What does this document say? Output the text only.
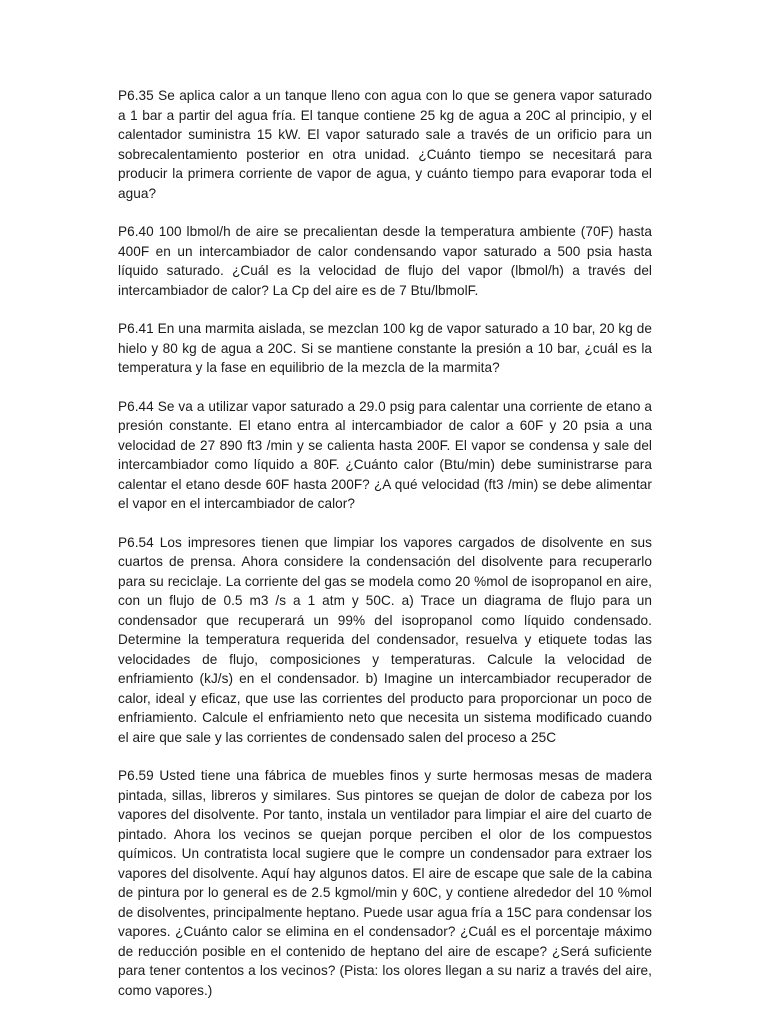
P6.35 Se aplica calor a un tanque lleno con agua con lo que se genera vapor saturado a 1 bar a partir del agua fría. El tanque contiene 25 kg de agua a 20C al principio, y el calentador suministra 15 kW. El vapor saturado sale a través de un orificio para un sobrecalentamiento posterior en otra unidad. ¿Cuánto tiempo se necesitará para producir la primera corriente de vapor de agua, y cuánto tiempo para evaporar toda el agua?

P6.40 100 lbmol/h de aire se precalientan desde la temperatura ambiente (70F) hasta 400F en un intercambiador de calor condensando vapor saturado a 500 psia hasta líquido saturado. ¿Cuál es la velocidad de flujo del vapor (lbmol/h) a través del intercambiador de calor? La Cp del aire es de 7 Btu/lbmolF.

P6.41 En una marmita aislada, se mezclan 100 kg de vapor saturado a 10 bar, 20 kg de hielo y 80 kg de agua a 20C. Si se mantiene constante la presión a 10 bar, ¿cuál es la temperatura y la fase en equilibrio de la mezcla de la marmita?

P6.44 Se va a utilizar vapor saturado a 29.0 psig para calentar una corriente de etano a presión constante. El etano entra al intercambiador de calor a 60F y 20 psia a una velocidad de 27 890 ft3 /min y se calienta hasta 200F. El vapor se condensa y sale del intercambiador como líquido a 80F. ¿Cuánto calor (Btu/min) debe suministrarse para calentar el etano desde 60F hasta 200F? ¿A qué velocidad (ft3 /min) se debe alimentar el vapor en el intercambiador de calor?

P6.54 Los impresores tienen que limpiar los vapores cargados de disolvente en sus cuartos de prensa. Ahora considere la condensación del disolvente para recuperarlo para su reciclaje. La corriente del gas se modela como 20 %mol de isopropanol en aire, con un flujo de 0.5 m3 /s a 1 atm y 50C. a) Trace un diagrama de flujo para un condensador que recuperará un 99% del isopropanol como líquido condensado. Determine la temperatura requerida del condensador, resuelva y etiquete todas las velocidades de flujo, composiciones y temperaturas. Calcule la velocidad de enfriamiento (kJ/s) en el condensador. b) Imagine un intercambiador recuperador de calor, ideal y eficaz, que use las corrientes del producto para proporcionar un poco de enfriamiento. Calcule el enfriamiento neto que necesita un sistema modificado cuando el aire que sale y las corrientes de condensado salen del proceso a 25C

P6.59 Usted tiene una fábrica de muebles finos y surte hermosas mesas de madera pintada, sillas, libreros y similares. Sus pintores se quejan de dolor de cabeza por los vapores del disolvente. Por tanto, instala un ventilador para limpiar el aire del cuarto de pintado. Ahora los vecinos se quejan porque perciben el olor de los compuestos químicos. Un contratista local sugiere que le compre un condensador para extraer los vapores del disolvente. Aquí hay algunos datos. El aire de escape que sale de la cabina de pintura por lo general es de 2.5 kgmol/min y 60C, y contiene alrededor del 10 %mol de disolventes, principalmente heptano. Puede usar agua fría a 15C para condensar los vapores. ¿Cuánto calor se elimina en el condensador? ¿Cuál es el porcentaje máximo de reducción posible en el contenido de heptano del aire de escape? ¿Será suficiente para tener contentos a los vecinos? (Pista: los olores llegan a su nariz a través del aire, como vapores.)
